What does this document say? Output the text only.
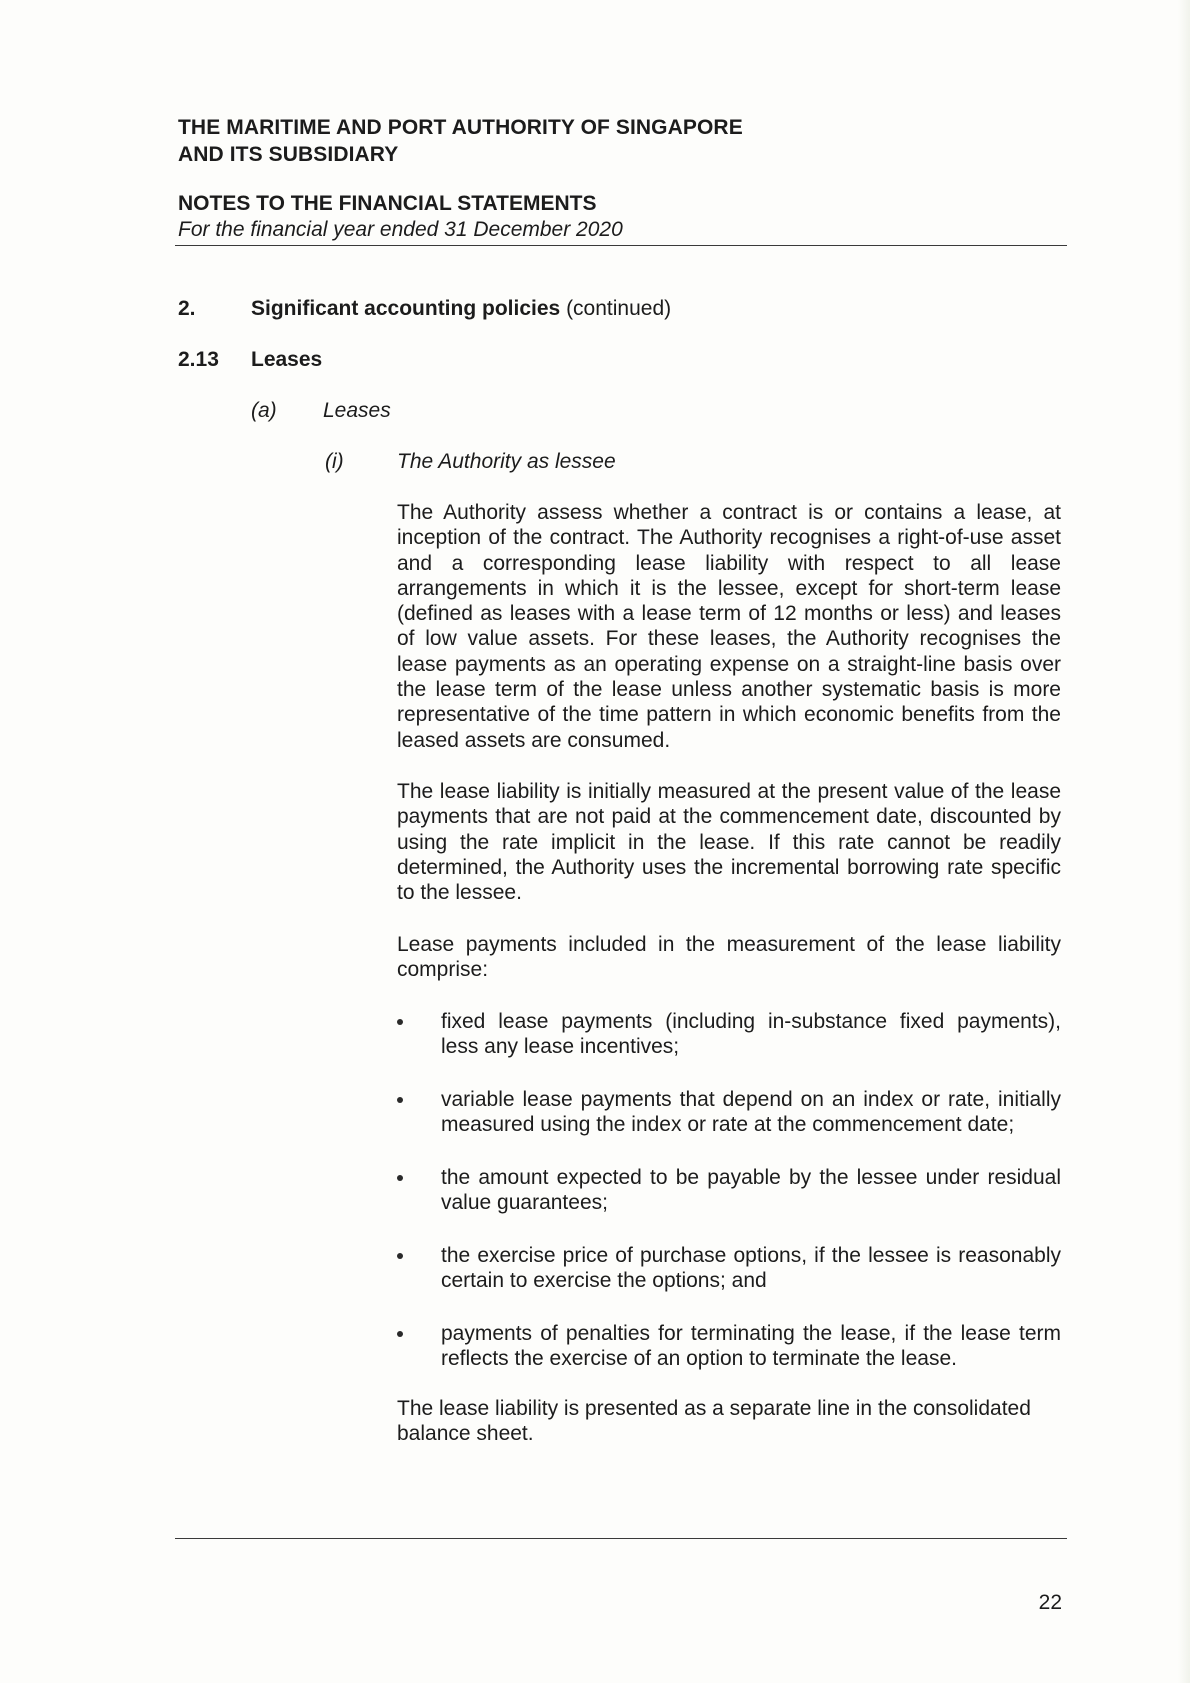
THE MARITIME AND PORT AUTHORITY OF SINGAPORE
AND ITS SUBSIDIARY
NOTES TO THE FINANCIAL STATEMENTS
For the financial year ended 31 December 2020
2.	Significant accounting policies (continued)
2.13 Leases
(a) Leases
(i)	The Authority as lessee
The Authority assess whether a contract is or contains a lease, at inception of the contract. The Authority recognises a right-of-use asset and a corresponding lease liability with respect to all lease arrangements in which it is the lessee, except for short-term lease (defined as leases with a lease term of 12 months or less) and leases of low value assets. For these leases, the Authority recognises the lease payments as an operating expense on a straight-line basis over the lease term of the lease unless another systematic basis is more representative of the time pattern in which economic benefits from the leased assets are consumed.
The lease liability is initially measured at the present value of the lease payments that are not paid at the commencement date, discounted by using the rate implicit in the lease. If this rate cannot be readily determined, the Authority uses the incremental borrowing rate specific to the lessee.
Lease payments included in the measurement of the lease liability comprise:
fixed lease payments (including in-substance fixed payments), less any lease incentives;
variable lease payments that depend on an index or rate, initially measured using the index or rate at the commencement date;
the amount expected to be payable by the lessee under residual value guarantees;
the exercise price of purchase options, if the lessee is reasonably certain to exercise the options; and
payments of penalties for terminating the lease, if the lease term reflects the exercise of an option to terminate the lease.
The lease liability is presented as a separate line in the consolidated balance sheet.
22
